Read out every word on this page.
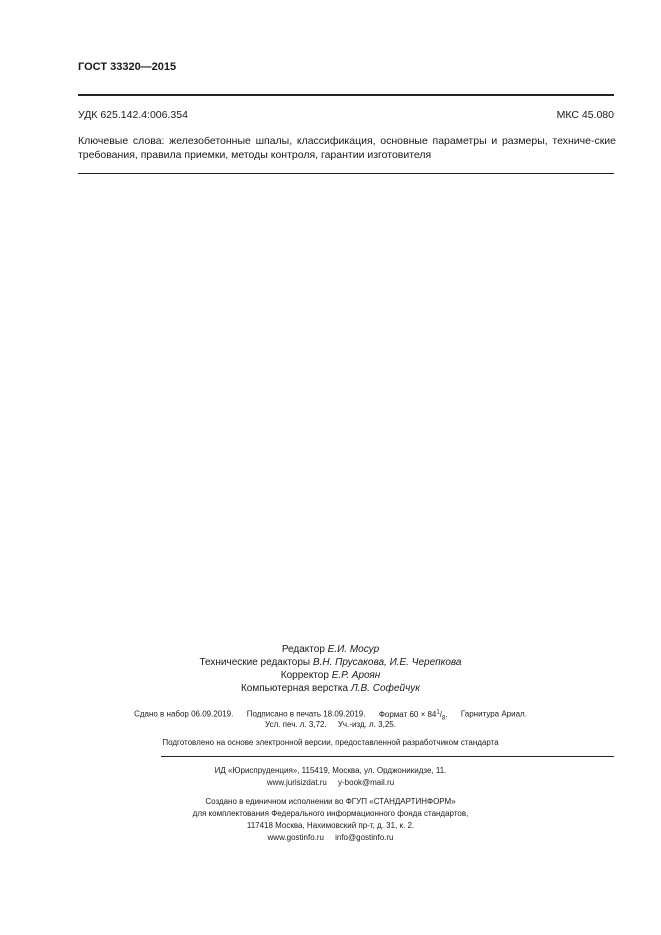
ГОСТ 33320—2015
УДК 625.142.4:006.354	МКС 45.080
Ключевые слова: железобетонные шпалы, классификация, основные параметры и размеры, техниче-ские требования, правила приемки, методы контроля, гарантии изготовителя
Редактор Е.И. Мосур
Технические редакторы В.Н. Прусакова, И.Е. Черепкова
Корректор Е.Р. Ароян
Компьютерная верстка Л.В. Софейчук
Сдано в набор 06.09.2019. Подписано в печать 18.09.2019. Формат $60 \times 84^1/_8$. Гарнитура Ариал.
Усл. печ. л. 3,72. Уч.-изд. л. 3,25.
Подготовлено на основе электронной версии, предоставленной разработчиком стандарта
ИД «Юриспруденция», 115419, Москва, ул. Орджоникидзе, 11.
www.jurisizdat.ru y-book@mail.ru
Создано в единичном исполнении во ФГУП «СТАНДАРТИНФОРМ»
для комплектования Федерального информационного фонда стандартов,
117418 Москва, Нахимовский пр-т, д. 31, к. 2.
www.gostinfo.ru info@gostinfo.ru
